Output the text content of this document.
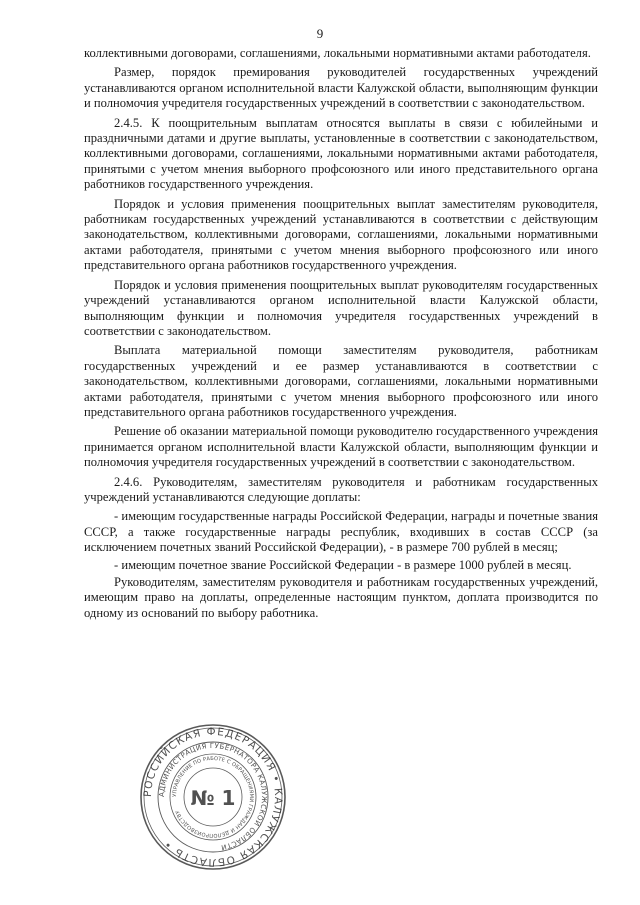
9

коллективными договорами, соглашениями, локальными нормативными актами работодателя.

Размер, порядок премирования руководителей государственных учреждений устанавливаются органом исполнительной власти Калужской области, выполняющим функции и полномочия учредителя государственных учреждений в соответствии с законодательством.

2.4.5. К поощрительным выплатам относятся выплаты в связи с юбилейными и праздничными датами и другие выплаты, установленные в соответствии с законодательством, коллективными договорами, соглашениями, локальными нормативными актами работодателя, принятыми с учетом мнения выборного профсоюзного или иного представительного органа работников государственного учреждения.

Порядок и условия применения поощрительных выплат заместителям руководителя, работникам государственных учреждений устанавливаются в соответствии с действующим законодательством, коллективными договорами, соглашениями, локальными нормативными актами работодателя, принятыми с учетом мнения выборного профсоюзного или иного представительного органа работников государственного учреждения.

Порядок и условия применения поощрительных выплат руководителям государственных учреждений устанавливаются органом исполнительной власти Калужской области, выполняющим функции и полномочия учредителя государственных учреждений в соответствии с законодательством.

Выплата материальной помощи заместителям руководителя, работникам государственных учреждений и ее размер устанавливаются в соответствии с законодательством, коллективными договорами, соглашениями, локальными нормативными актами работодателя, принятыми с учетом мнения выборного профсоюзного или иного представительного органа работников государственного учреждения.

Решение об оказании материальной помощи руководителю государственного учреждения принимается органом исполнительной власти Калужской области, выполняющим функции и полномочия учредителя государственных учреждений в соответствии с законодательством.

2.4.6. Руководителям, заместителям руководителя и работникам государственных учреждений устанавливаются следующие доплаты:

- имеющим государственные награды Российской Федерации, награды и почетные звания СССР, а также государственные награды республик, входивших в состав СССР (за исключением почетных званий Российской Федерации), - в размере 700 рублей в месяц;

- имеющим почетное звание Российской Федерации - в размере 1000 рублей в месяц.

Руководителям, заместителям руководителя и работникам государственных учреждений, имеющим право на доплаты, определенные настоящим пунктом, доплата производится по одному из оснований по выбору работника.

РОССИЙСКАЯ ФЕДЕРАЦИЯ • КАЛУЖСКАЯ ОБЛАСТЬ •
АДМИНИСТРАЦИЯ ГУБЕРНАТОРА КАЛУЖСКОЙ ОБЛАСТИ
УПРАВЛЕНИЕ ПО РАБОТЕ С ОБРАЩЕНИЯМИ ГРАЖДАН И ДЕЛОПРОИЗВОДСТВУ
№ 1
